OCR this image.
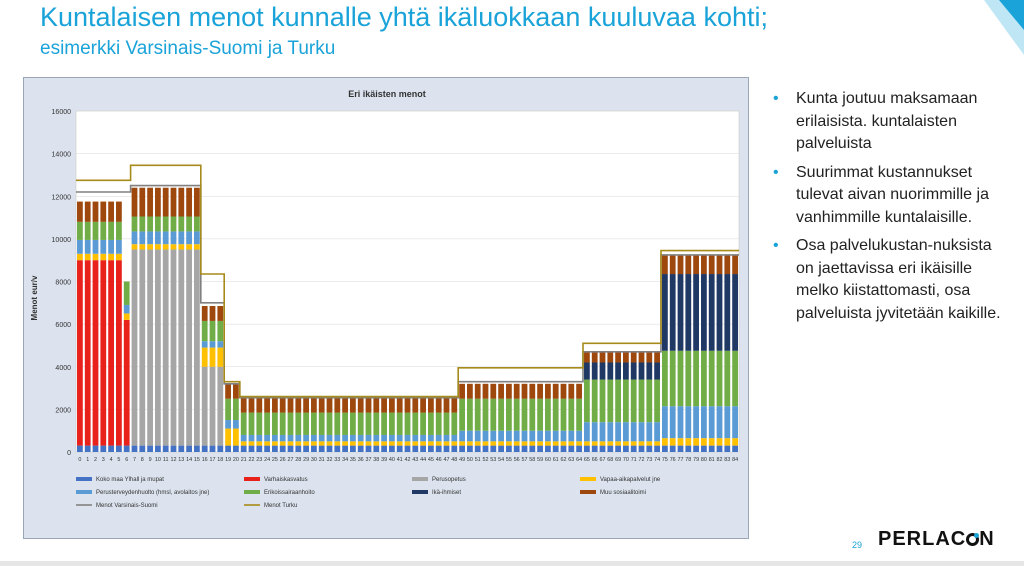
Kuntalaisen menot kunnalle yhtä ikäluokkaan kuuluvaa kohti;
esimerkki Varsinais-Suomi ja Turku
Eri ikäisten menot
Menot eur/v
0
2000
4000
6000
8000
10000
12000
14000
16000
0 1 2 3 4 5 6 7 8 9 10 11 12 13 14 15 16 17 18 19 20 21 22 23 24 25 26 27 28 29 30 31 32 33 34 35 36 37 38 39 40 41 42 43 44 45 46 47 48 49 50 51 52 53 54 55 56 57 58 59 60 61 62 63 64 65 66 67 68 69 70 71 72 73 74 75 76 77 78 79 80 81 82 83 84
Koko maa Ylhall ja mupat	Varhaiskasvatus	Perusopetus	Vapaa-aikapalvelut jne
Perusterveydenhuolto (hmsl, avolaitos jne)	Erikoissairaanhoito	Ikä-ihmiset	Muu sosiaalitoimi
Menot Varsinais-Suomi	Menot Turku
• Kunta joutuu maksamaan erilaisista. kuntalaisten palveluista
• Suurimmat kustannukset tulevat aivan nuorimmille ja vanhimmille kuntalaisille.
• Osa palvelukustan-nuksista on jaettavissa eri ikäisille melko kiistattomasti, osa palveluista jyvitetään kaikille.
29 PERLAC N
